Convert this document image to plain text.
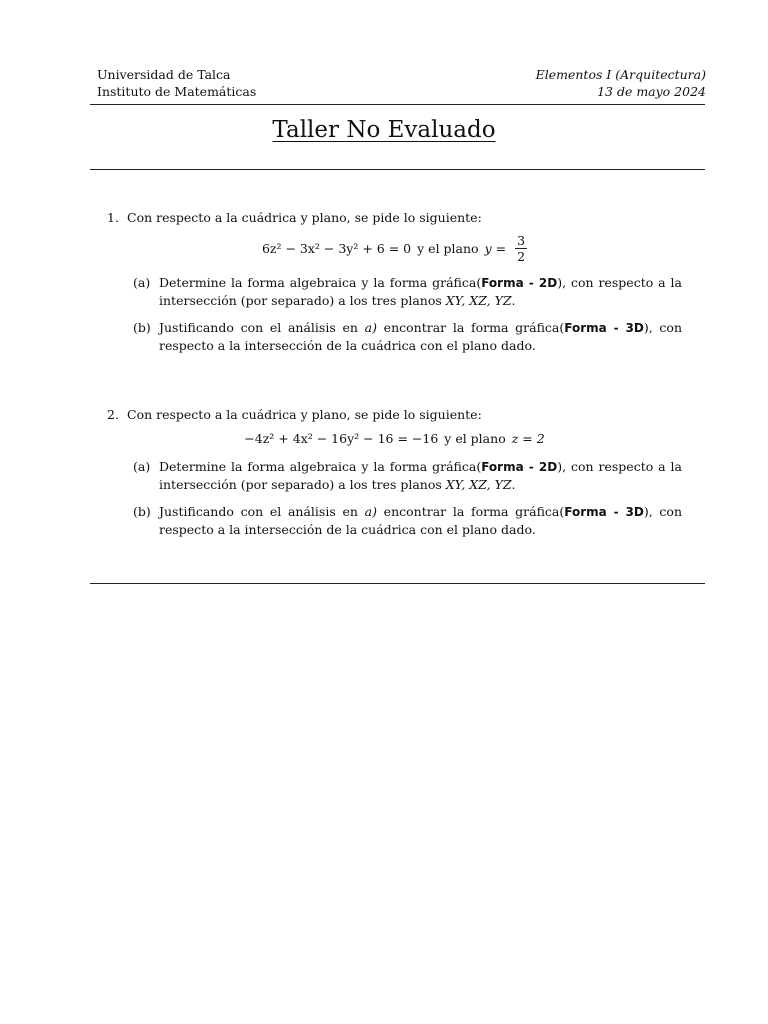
Universidad de Talca
Instituto de Matemáticas
Elementos I (Arquitectura)
13 de mayo 2024
Taller No Evaluado
1. Con respecto a la cuádrica y plano, se pide lo siguiente:
6z² − 3x² − 3y² + 6 = 0 y el plano $y = \frac{3}{2}$
(a) Determine la forma algebraica y la forma gráfica(Forma - 2D), con respecto a la intersección (por separado) a los tres planos XY, XZ, YZ.
(b) Justificando con el análisis en a) encontrar la forma gráfica(Forma - 3D), con respecto a la intersección de la cuádrica con el plano dado.
2. Con respecto a la cuádrica y plano, se pide lo siguiente:
−4z² + 4x² − 16y² − 16 = −16 y el plano z = 2
(a) Determine la forma algebraica y la forma gráfica(Forma - 2D), con respecto a la intersección (por separado) a los tres planos XY, XZ, YZ.
(b) Justificando con el análisis en a) encontrar la forma gráfica(Forma - 3D), con respecto a la intersección de la cuádrica con el plano dado.
